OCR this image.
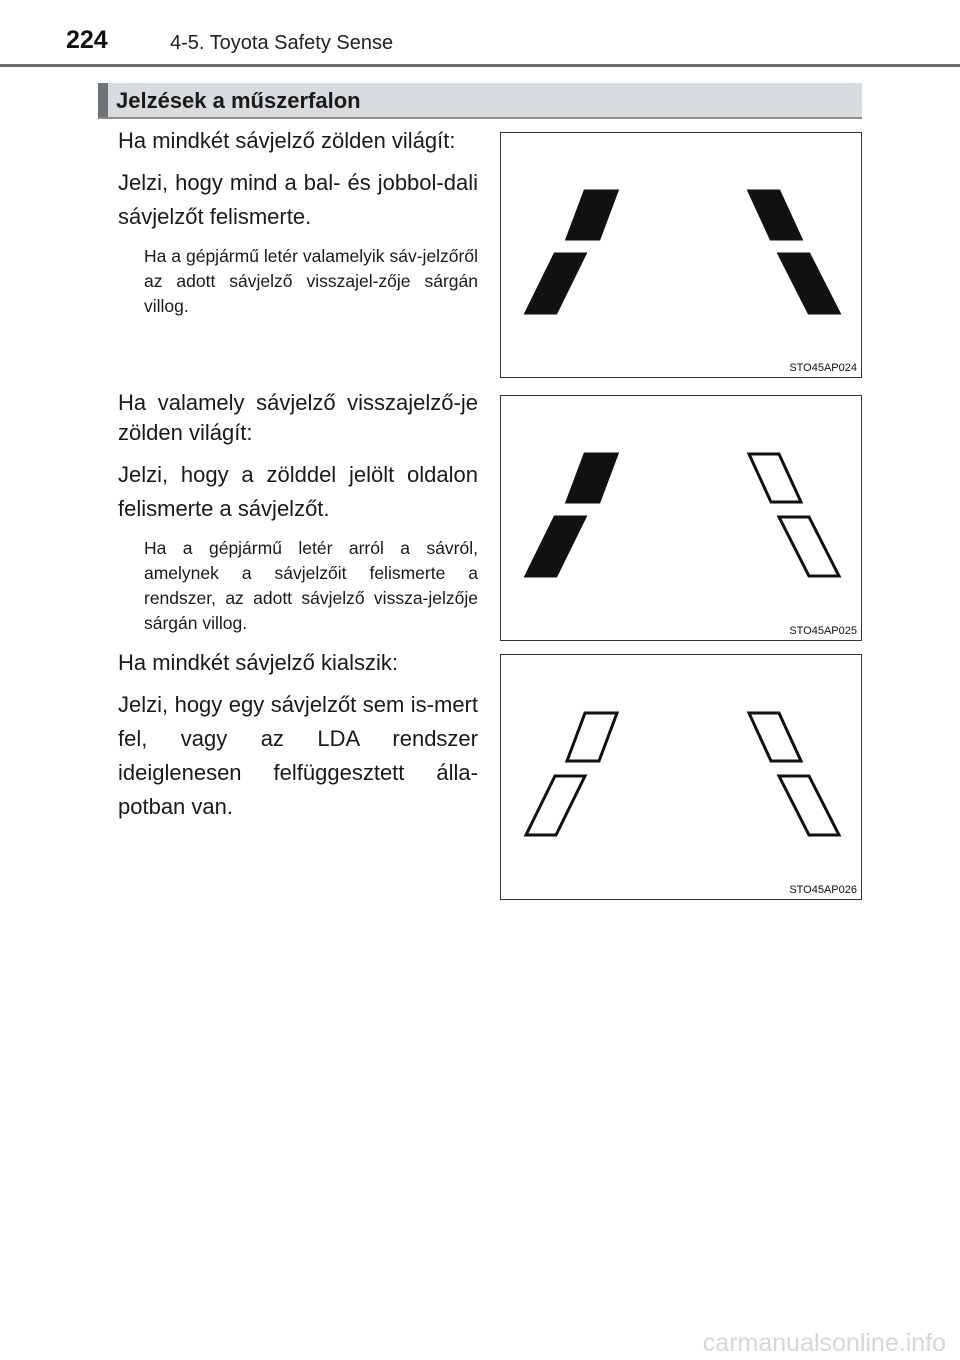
224	4-5. Toyota Safety Sense
Jelzések a műszerfalon

Ha mindkét sávjelző zölden világít:

Jelzi, hogy mind a bal- és jobbol-dali sávjelzőt felismerte.

Ha a gépjármű letér valamelyik sáv-jelzőről az adott sávjelző visszajel-zője sárgán villog.

STO45AP024

Ha valamely sávjelző visszajelző-je zölden világít:

Jelzi, hogy a zölddel jelölt oldalon felismerte a sávjelzőt.

Ha a gépjármű letér arról a sávról, amelynek a sávjelzőit felismerte a rendszer, az adott sávjelző vissza-jelzője sárgán villog.	STO45AP025

Ha mindkét sávjelző kialszik:

Jelzi, hogy egy sávjelzőt sem is-mert fel, vagy az LDA rendszer ideiglenesen felfüggesztett álla-potban van.

STO45AP026
carmanualsonline.info
